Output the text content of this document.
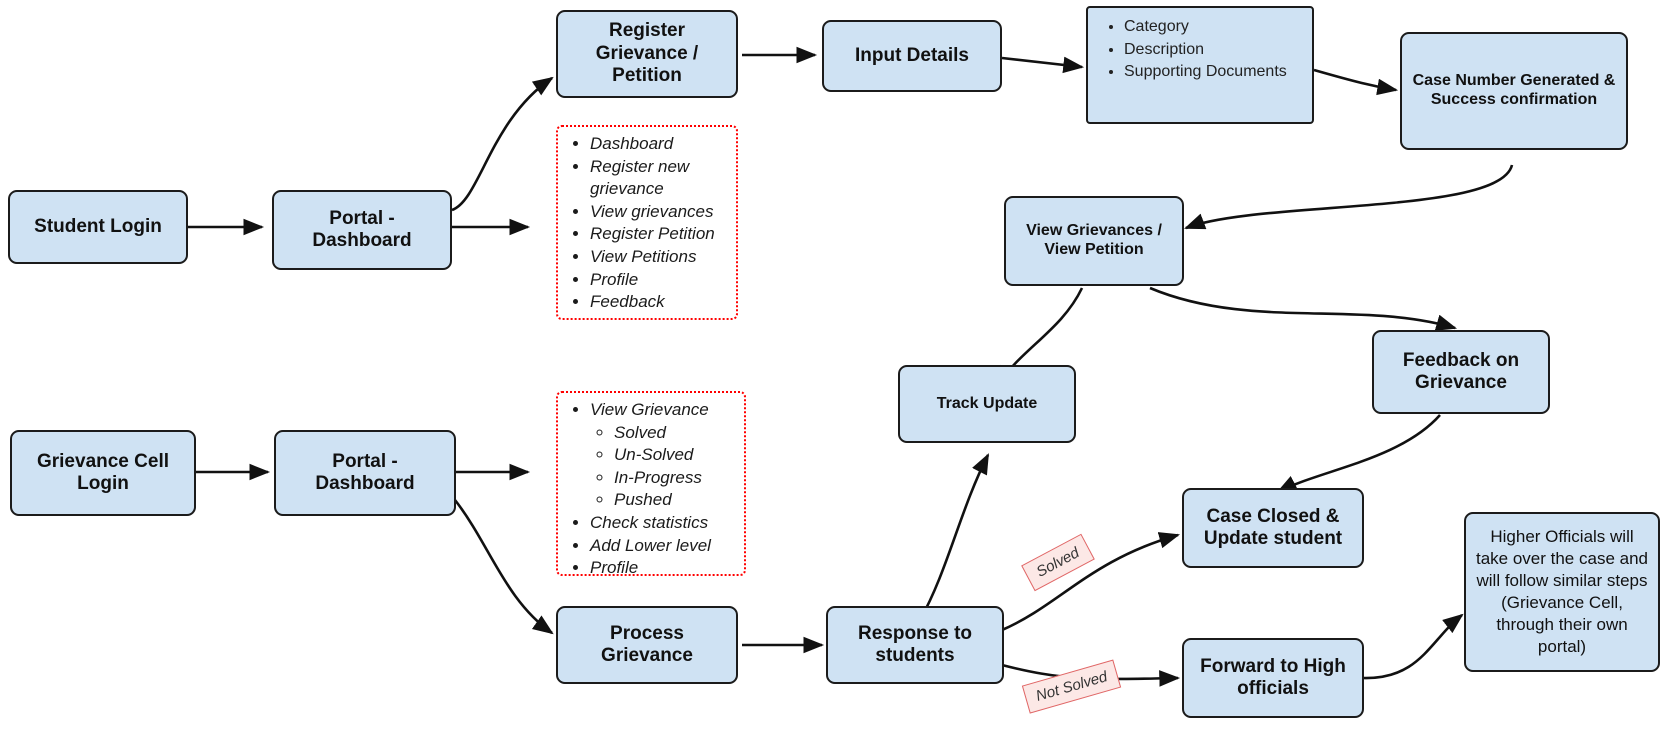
Student Login	Portal - Dashboard
Register Grievance / Petition
Input Details
• Category
• Description
• Supporting Documents
Case Number Generated & Success confirmation
• Dashboard
• Register new grievance
• View grievances
• Register Petition
• View Petitions
• Profile
• Feedback
View Grievances / View Petition
Track Update
Feedback on Grievance
Grievance Cell Login
Portal - Dashboard
• View Grievance
◦ Solved
◦ Un-Solved
◦ In-Progress
◦ Pushed
• Check statistics
• Add Lower level
• Profile
Process Grievance
Response to students
Case Closed & Update student
Forward to High officials
Higher Officials will take over the case and will follow similar steps (Grievance Cell, through their own portal)
Solved
Not Solved
